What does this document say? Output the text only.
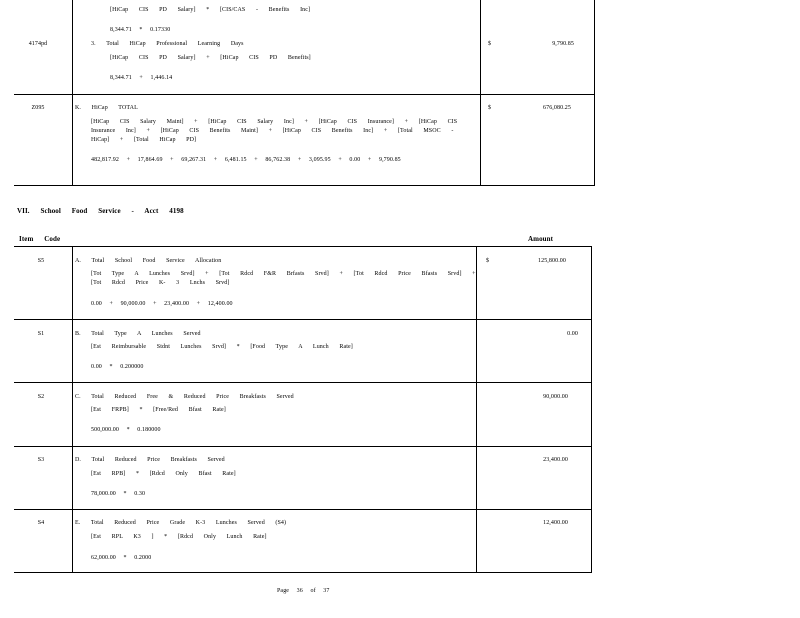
[HiCap CIS PD Salary] * [CIS/CAS - Benefits Inc]
8,344.71 * 0.17330
4174pd	3. Total HiCap Professional Learning Days
[HiCap CIS PD Salary] + [HiCap CIS PD Benefits]
8,344.71 + 1,446.14
$	9,790.85
Z095	K. HiCap TOTAL
[HiCap CIS Salary Maint] + [HiCap CIS Salary Inc] + [HiCap CIS Insurance] + [HiCap CIS
Insurance Inc] + [HiCap CIS Benefits Maint] + [HiCap CIS Benefits Inc] + [Total MSOC -
HiCap] + [Total HiCap PD]
482,817.92 + 17,864.69 + 69,267.31 + 6,481.15 + 86,762.38 + 3,095.95 + 0.00 + 9,790.85
$	676,080.25
VII. School Food Service - Acct 4198
Item Code	Amount
S5	A. Total School Food Service Allocation
[Tot Type A Lunches Srvd] + [Tot Rdcd F&R Brfasts Srvd] + [Tot Rdcd Price Bfasts Srvd] +
[Tot Rdcd Price K- 3 Lnchs Srvd]
0.00 + 90,000.00 + 23,400.00 + 12,400.00
$	125,800.00
S1	B. Total Type A Lunches Served
[Est Reimbursable Stdnt Lunches Srvd] * [Food Type A Lunch Rate]
0.00 * 0.200000
0.00
S2	C. Total Reduced Free & Reduced Price Breakfasts Served
[Est FRPB] * [Free/Red Bfast Rate]
500,000.00 * 0.180000
90,000.00
S3	D. Total Reduced Price Breakfasts Served
[Est RPB] * [Rdcd Only Bfast Rate]
78,000.00 * 0.30
23,400.00
S4	E. Total Reduced Price Grade K-3 Lunches Served (S4)
[Est RPL K3 ] * [Rdcd Only Lunch Rate]
62,000.00 * 0.2000
12,400.00
Page 36 of 37
